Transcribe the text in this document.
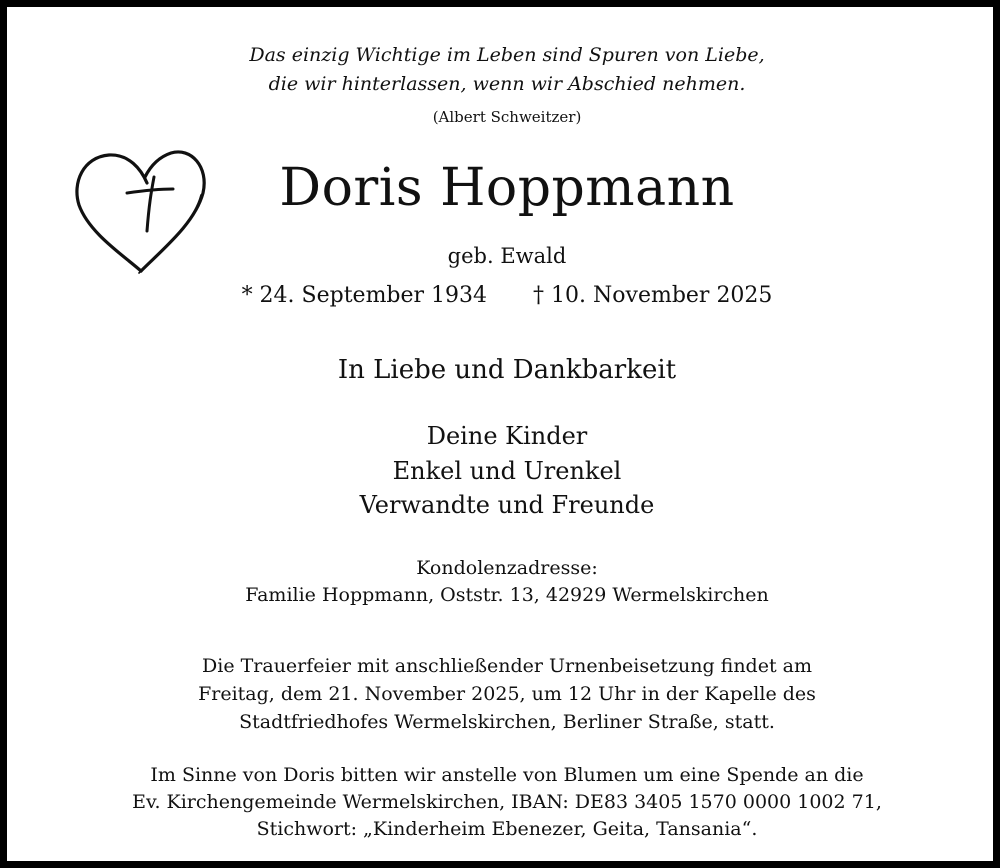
Das einzig Wichtige im Leben sind Spuren von Liebe,
die wir hinterlassen, wenn wir Abschied nehmen.
(Albert Schweitzer)
Doris Hoppmann
geb. Ewald
* 24. September 1934 † 10. November 2025
In Liebe und Dankbarkeit
Deine Kinder
Enkel und Urenkel
Verwandte und Freunde
Kondolenzadresse:
Familie Hoppmann, Oststr. 13, 42929 Wermelskirchen
Die Trauerfeier mit anschließender Urnenbeisetzung findet am
Freitag, dem 21. November 2025, um 12 Uhr in der Kapelle des
Stadtfriedhofes Wermelskirchen, Berliner Straße, statt.
Im Sinne von Doris bitten wir anstelle von Blumen um eine Spende an die
Ev. Kirchengemeinde Wermelskirchen, IBAN: DE83 3405 1570 0000 1002 71,
Stichwort: „Kinderheim Ebenezer, Geita, Tansania“.
